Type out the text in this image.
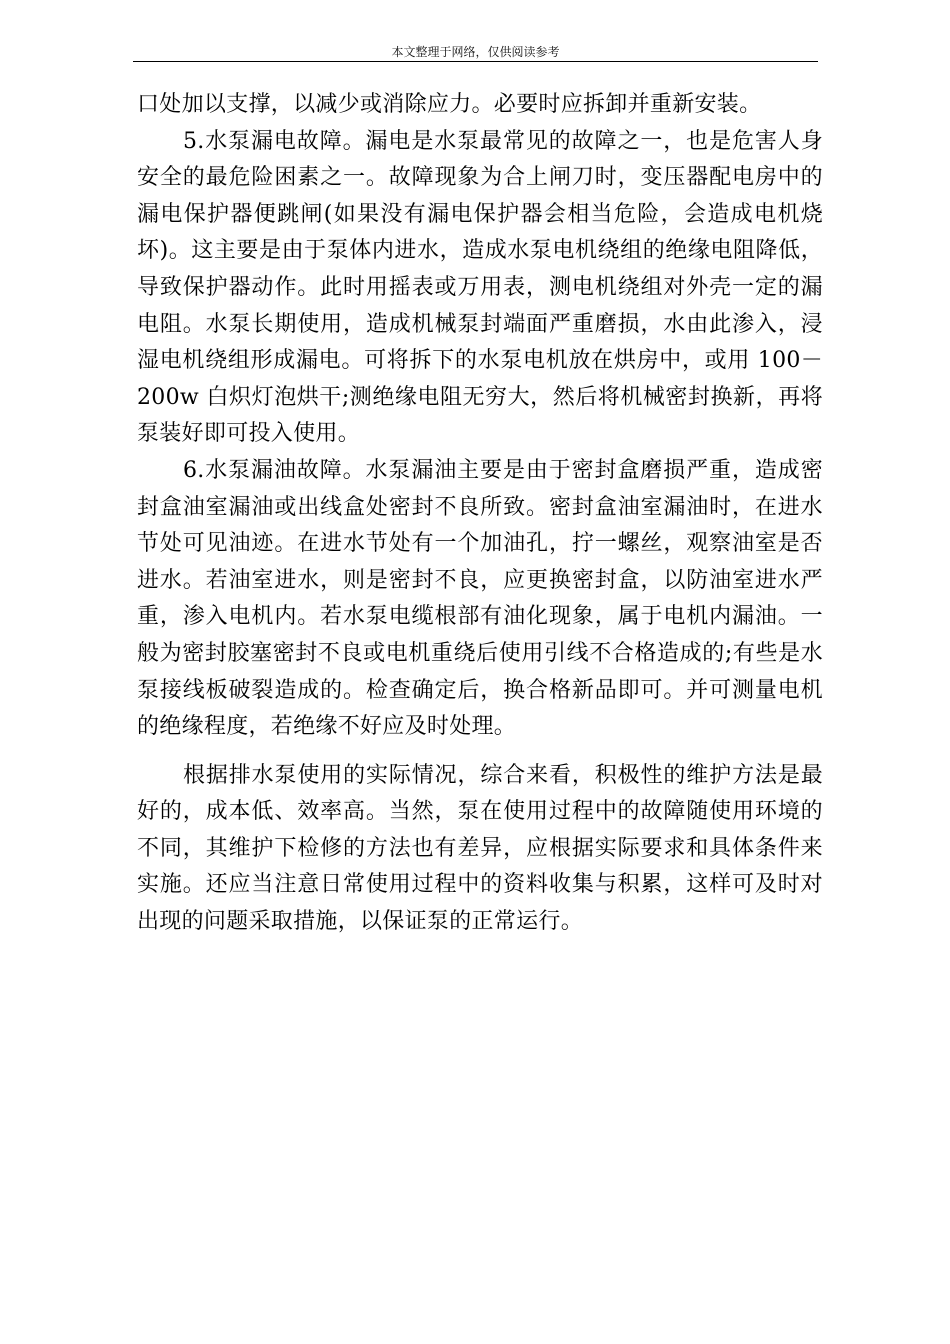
本文整理于网络，仅供阅读参考

口处加以支撑，以减少或消除应力。必要时应拆卸并重新安装。

5.水泵漏电故障。漏电是水泵最常见的故障之一，也是危害人身安全的最危险困素之一。故障现象为合上闸刀时，变压器配电房中的漏电保护器便跳闸(如果没有漏电保护器会相当危险，会造成电机烧坏)。这主要是由于泵体内进水，造成水泵电机绕组的绝缘电阻降低，导致保护器动作。此时用摇表或万用表，测电机绕组对外壳一定的漏电阻。水泵长期使用，造成机械泵封端面严重磨损，水由此渗入，浸湿电机绕组形成漏电。可将拆下的水泵电机放在烘房中，或用 100－200w 白炽灯泡烘干;测绝缘电阻无穷大，然后将机械密封换新，再将泵装好即可投入使用。

6.水泵漏油故障。水泵漏油主要是由于密封盒磨损严重，造成密封盒油室漏油或出线盒处密封不良所致。密封盒油室漏油时，在进水节处可见油迹。在进水节处有一个加油孔，拧一螺丝，观察油室是否进水。若油室进水，则是密封不良，应更换密封盒，以防油室进水严重，渗入电机内。若水泵电缆根部有油化现象，属于电机内漏油。一般为密封胶塞密封不良或电机重绕后使用引线不合格造成的;有些是水泵接线板破裂造成的。检查确定后，换合格新品即可。并可测量电机的绝缘程度，若绝缘不好应及时处理。

根据排水泵使用的实际情况，综合来看，积极性的维护方法是最好的，成本低、效率高。当然，泵在使用过程中的故障随使用环境的不同，其维护下检修的方法也有差异，应根据实际要求和具体条件来实施。还应当注意日常使用过程中的资料收集与积累，这样可及时对出现的问题采取措施，以保证泵的正常运行。
